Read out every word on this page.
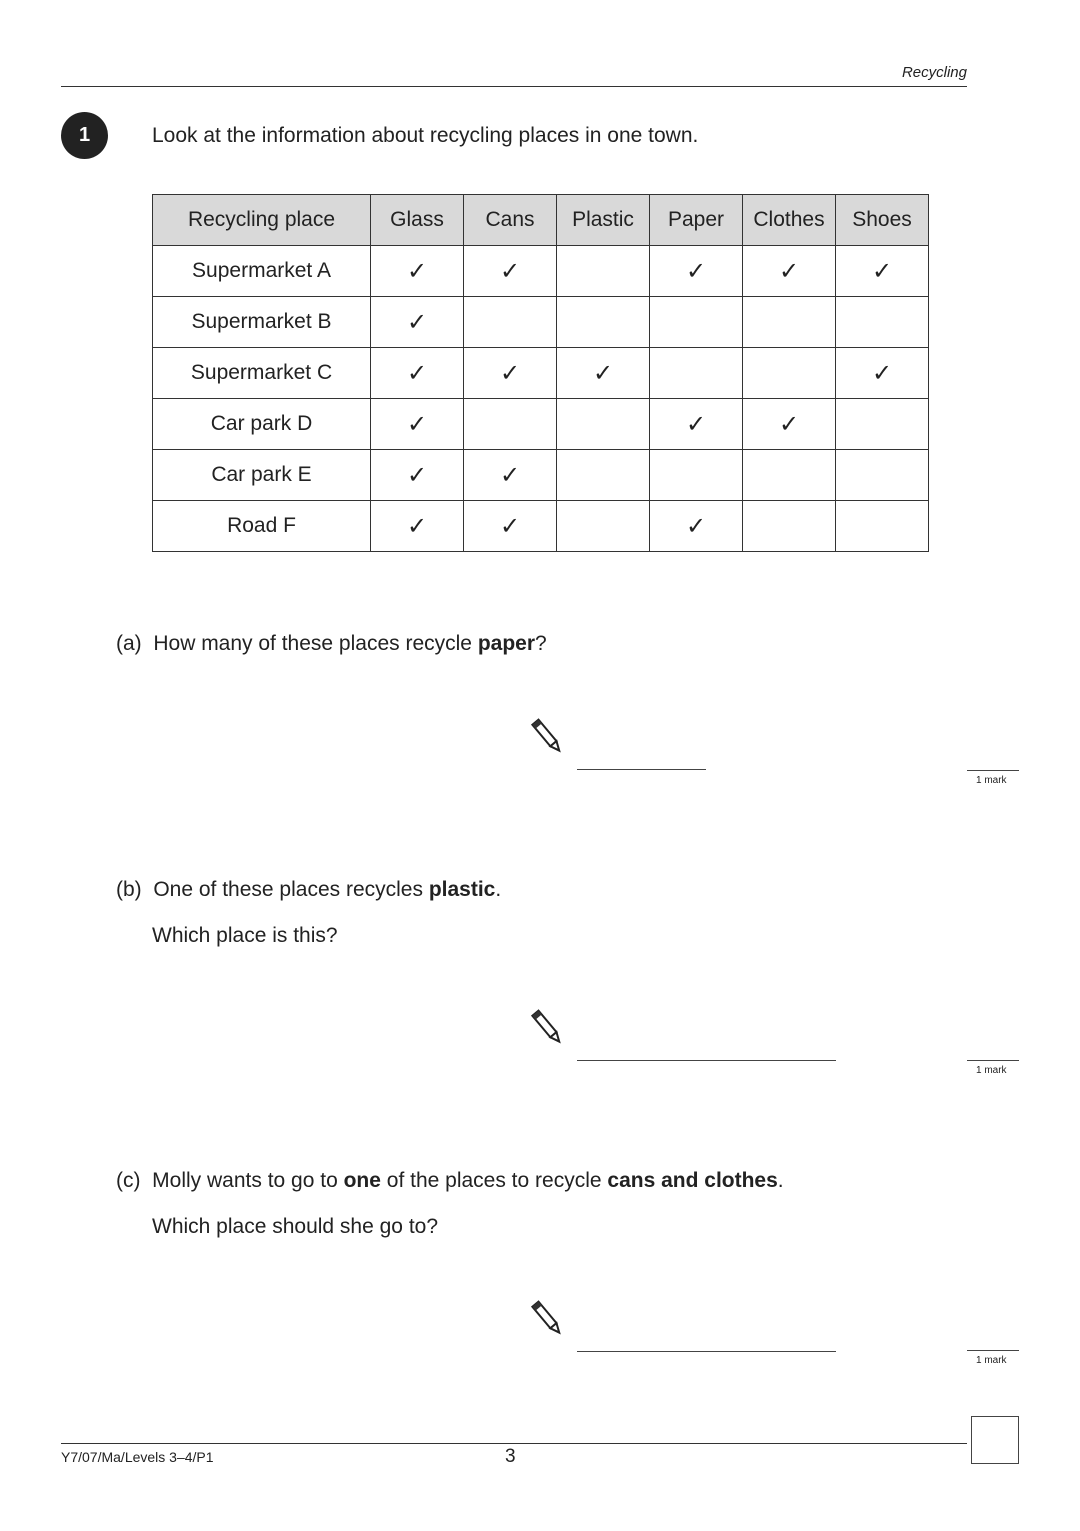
Recycling
1	Look at the information about recycling places in one town.
Recycling place	Glass	Cans	Plastic	Paper	Clothes	Shoes
Supermarket A	✓	✓		✓	✓	✓
Supermarket B	✓					
Supermarket C	✓	✓	✓			✓
Car park D	✓			✓	✓	
Car park E	✓	✓				
Road F	✓	✓		✓		
(a) How many of these places recycle paper?
1 mark
(b) One of these places recycles plastic.
Which place is this?
1 mark
(c) Molly wants to go to one of the places to recycle cans and clothes.
Which place should she go to?
1 mark
Y7/07/Ma/Levels 3–4/P1	3
